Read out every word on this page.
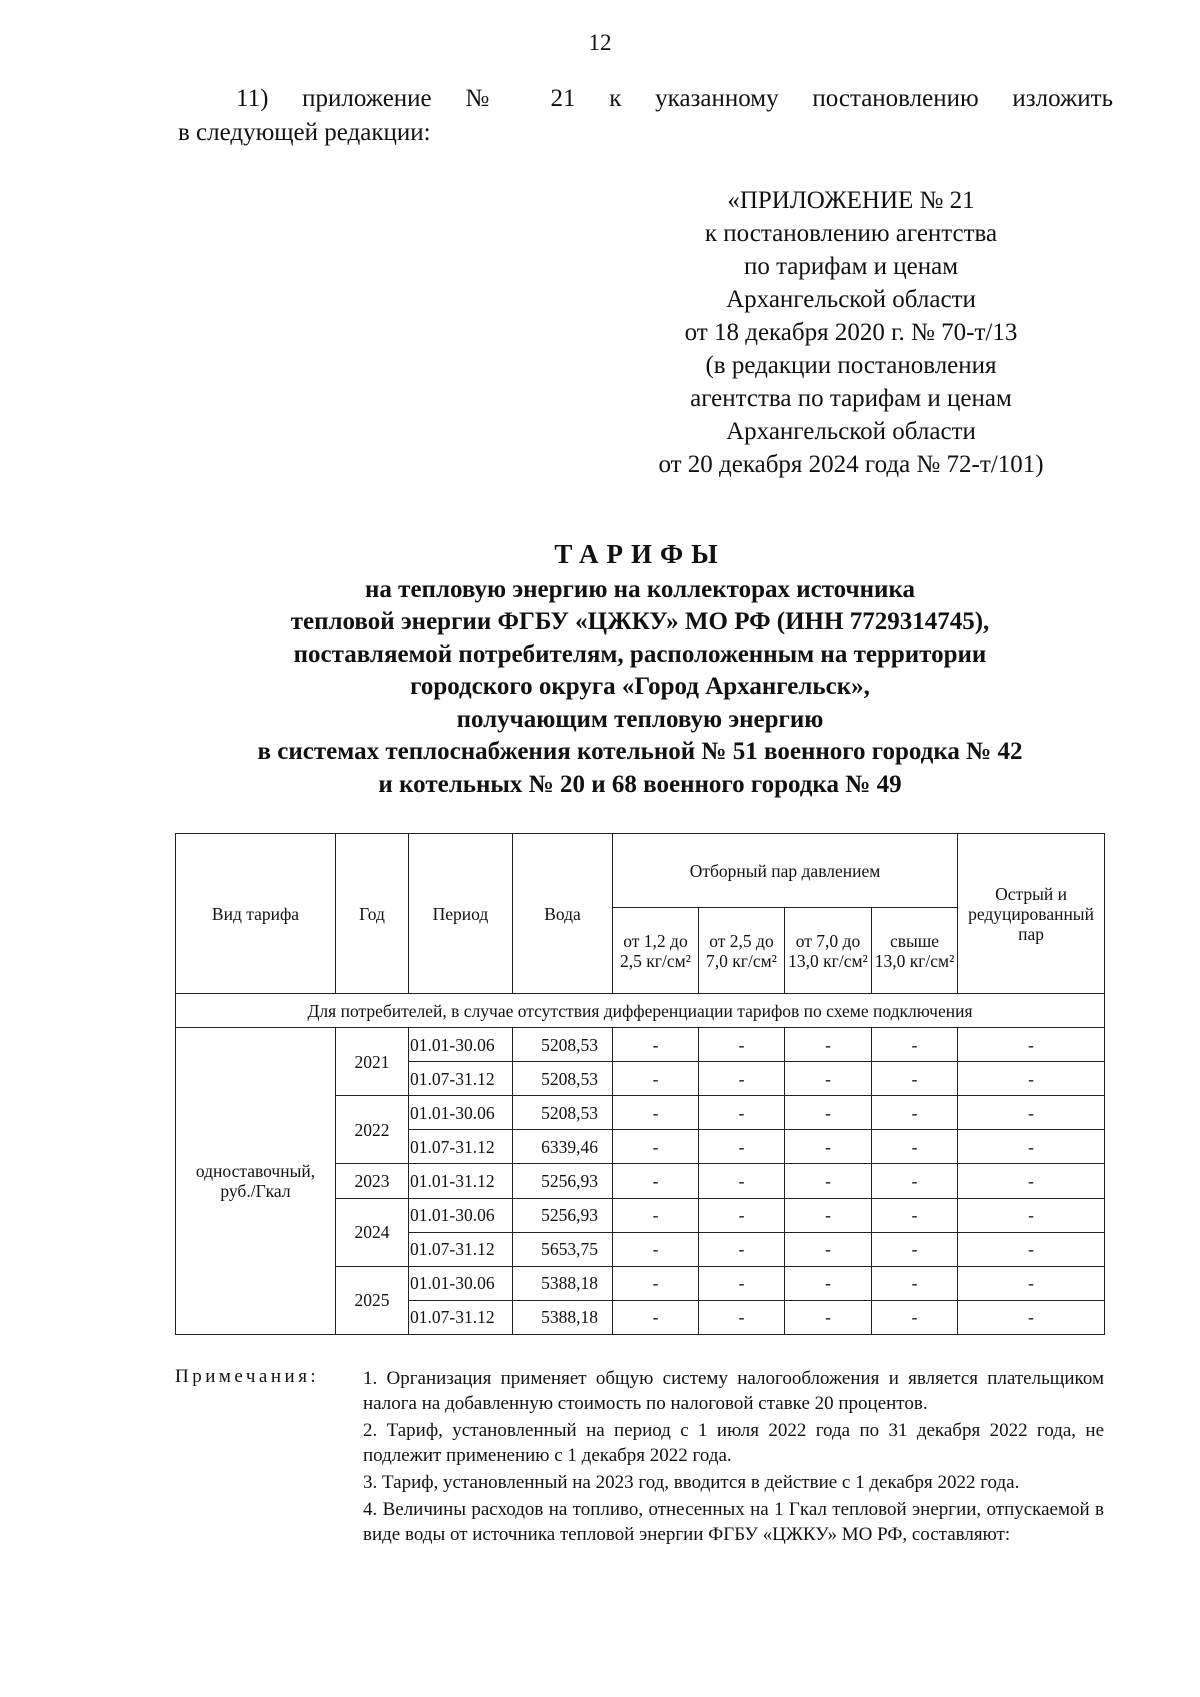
12
11) приложение № 21 к указанному постановлению изложить
в следующей редакции:
«ПРИЛОЖЕНИЕ № 21
к постановлению агентства
по тарифам и ценам
Архангельской области
от 18 декабря 2020 г. № 70-т/13
(в редакции постановления
агентства по тарифам и ценам
Архангельской области
от 20 декабря 2024 года № 72-т/101)
ТАРИФЫ
на тепловую энергию на коллекторах источника
тепловой энергии ФГБУ «ЦЖКУ» МО РФ (ИНН 7729314745),
поставляемой потребителям, расположенным на территории
городского округа «Город Архангельск»,
получающим тепловую энергию
в системах теплоснабжения котельной № 51 военного городка № 42
и котельных № 20 и 68 военного городка № 49
Вид тарифа	Год	Период	Вода	Отборный пар давлением				Острый и редуцированный пар
				от 1,2 до 2,5 кг/см²	от 2,5 до 7,0 кг/см²	от 7,0 до 13,0 кг/см²	свыше 13,0 кг/см²	
Для потребителей, в случае отсутствия дифференциации тарифов по схеме подключения								
одноставочный, руб./Гкал	2021	01.01-30.06	5208,53	-	-	-	-	-
		01.07-31.12	5208,53	-	-	-	-	-
	2022	01.01-30.06	5208,53	-	-	-	-	-
		01.07-31.12	6339,46	-	-	-	-	-
	2023	01.01-31.12	5256,93	-	-	-	-	-
	2024	01.01-30.06	5256,93	-	-	-	-	-
		01.07-31.12	5653,75	-	-	-	-	-
	2025	01.01-30.06	5388,18	-	-	-	-	-
		01.07-31.12	5388,18	-	-	-	-	-
Примечания: 1. Организация применяет общую систему налогообложения и является плательщиком налога на добавленную стоимость по налоговой ставке 20 процентов.

2. Тариф, установленный на период с 1 июля 2022 года по 31 декабря 2022 года, не подлежит применению с 1 декабря 2022 года.

3. Тариф, установленный на 2023 год, вводится в действие с 1 декабря 2022 года.

4. Величины расходов на топливо, отнесенных на 1 Гкал тепловой энергии, отпускаемой в виде воды от источника тепловой энергии ФГБУ «ЦЖКУ» МО РФ, составляют:
